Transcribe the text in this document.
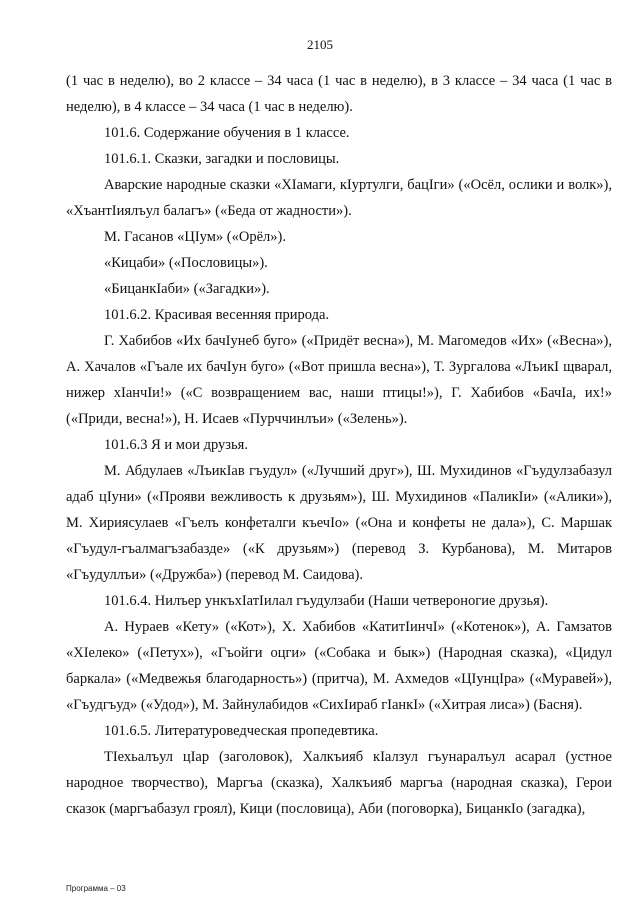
2105

(1 час в неделю), во 2 классе – 34 часа (1 час в неделю), в 3 классе – 34 часа (1 час в неделю), в 4 классе – 34 часа (1 час в неделю).

101.6. Содержание обучения в 1 классе.

101.6.1. Сказки, загадки и пословицы.

Аварские народные сказки «ХIамаги, кIуртулги, бацIги» («Осёл, ослики и волк»), «ХъантIиялъул балагъ» («Беда от жадности»).

М. Гасанов «ЦIум» («Орёл»).

«Кицаби» («Пословицы»).

«БицанкIаби» («Загадки»).

101.6.2. Красивая весенняя природа.

Г. Хабибов «Их бачIунеб буго» («Придёт весна»), М. Магомедов «Их» («Весна»), А. Хачалов «Гъале их бачIун буго» («Вот пришла весна»), Т. Зургалова «ЛъикI щварал, нижер хIанчIи!» («С возвращением вас, наши птицы!»), Г. Хабибов «БачIа, их!» («Приди, весна!»), Н. Исаев «Пурччинлъи» («Зелень»).

101.6.3 Я и мои друзья.

М. Абдулаев «ЛъикIав гъудул» («Лучший друг»), Ш. Мухидинов «Гъудулзабазул адаб цIуни» («Прояви вежливость к друзьям»), Ш. Мухидинов «ПаликIи» («Алики»), М. Хириясулаев «Гъелъ конфеталги къечIо» («Она и конфеты не дала»), С. Маршак «Гъудул-гъалмагъзабазде» («К друзьям») (перевод З. Курбанова), М. Митаров «Гъудуллъи» («Дружба») (перевод М. Саидова).

101.6.4. Нилъер ункъхIатIилал гъудулзаби (Наши четвероногие друзья).

А. Нураев «Кету» («Кот»), Х. Хабибов «КатитIинчI» («Котенок»), А. Гамзатов «ХIелеко» («Петух»), «Гъойги оцги» («Собака и бык») (Народная сказка), «Цидул баркала» («Медвежья благодарность») (притча), М. Ахмедов «ЦIунцIра» («Муравей»), «Гъудгъуд» («Удод»), М. Зайнулабидов «СихIираб гIанкI» («Хитрая лиса») (Басня).

101.6.5. Литературоведческая пропедевтика.

ТIехьалъул цIар (заголовок), Халкъияб кIалзул гъунаралъул асарал (устное народное творчество), Маргъа (сказка), Халкъияб маргъа (народная сказка), Герои сказок (маргъабазул гроял), Кици (пословица), Аби (поговорка), БицанкIо (загадка),

Программа – 03
